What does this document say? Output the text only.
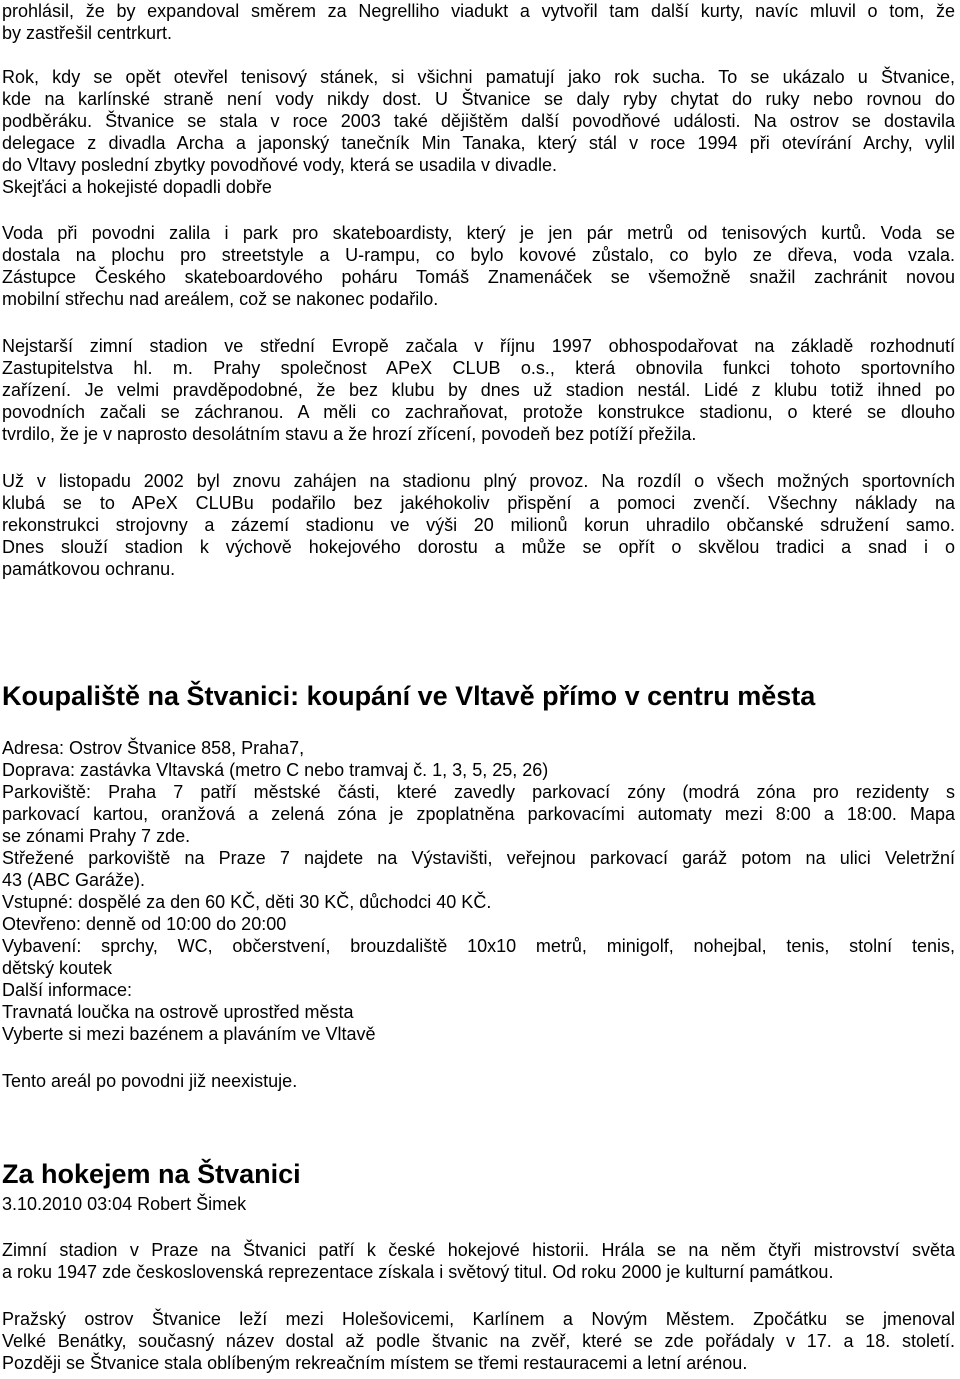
prohlásil, že by expandoval směrem za Negrelliho viadukt a vytvořil tam další kurty, navíc mluvil o tom, že

by zastřešil centrkurt.

Rok, kdy se opět otevřel tenisový stánek, si všichni pamatují jako rok sucha. To se ukázalo u Štvanice,

kde na karlínské straně není vody nikdy dost. U Štvanice se daly ryby chytat do ruky nebo rovnou do

podběráku. Štvanice se stala v roce 2003 také dějištěm další povodňové události. Na ostrov se dostavila

delegace z divadla Archa a japonský tanečník Min Tanaka, který stál v roce 1994 při otevírání Archy, vylil

do Vltavy poslední zbytky povodňové vody, která se usadila v divadle.

Skejťáci a hokejisté dopadli dobře

Voda při povodni zalila i park pro skateboardisty, který je jen pár metrů od tenisových kurtů. Voda se

dostala na plochu pro streetstyle a U-rampu, co bylo kovové zůstalo, co bylo ze dřeva, voda vzala.

Zástupce Českého skateboardového poháru Tomáš Znamenáček se všemožně snažil zachránit novou

mobilní střechu nad areálem, což se nakonec podařilo.

Nejstarší zimní stadion ve střední Evropě začala v říjnu 1997 obhospodařovat na základě rozhodnutí

Zastupitelstva hl. m. Prahy společnost APeX CLUB o.s., která obnovila funkci tohoto sportovního

zařízení. Je velmi pravděpodobné, že bez klubu by dnes už stadion nestál. Lidé z klubu totiž ihned po

povodních začali se záchranou. A měli co zachraňovat, protože konstrukce stadionu, o které se dlouho

tvrdilo, že je v naprosto desolátním stavu a že hrozí zřícení, povodeň bez potíží přežila.

Už v listopadu 2002 byl znovu zahájen na stadionu plný provoz. Na rozdíl o všech možných sportovních

klubá se to APeX CLUBu podařilo bez jakéhokoliv přispění a pomoci zvenčí. Všechny náklady na

rekonstrukci strojovny a zázemí stadionu ve výši 20 milionů korun uhradilo občanské sdružení samo.

Dnes slouží stadion k výchově hokejového dorostu a může se opřít o skvělou tradici a snad i o

památkovou ochranu.

Koupaliště na Štvanici: koupání ve Vltavě přímo v centru města

Adresa: Ostrov Štvanice 858, Praha7,

Doprava: zastávka Vltavská (metro C nebo tramvaj č. 1, 3, 5, 25, 26)

Parkoviště: Praha 7 patří městské části, které zavedly parkovací zóny (modrá zóna pro rezidenty s

parkovací kartou, oranžová a zelená zóna je zpoplatněna parkovacími automaty mezi 8:00 a 18:00. Mapa

se zónami Prahy 7 zde.

Střežené parkoviště na Praze 7 najdete na Výstavišti, veřejnou parkovací garáž potom na ulici Veletržní

43 (ABC Garáže).

Vstupné: dospělé za den 60 KČ, děti 30 KČ, důchodci 40 KČ.

Otevřeno: denně od 10:00 do 20:00

Vybavení: sprchy, WC, občerstvení, brouzdaliště 10x10 metrů, minigolf, nohejbal, tenis, stolní tenis,

dětský koutek

Další informace:

Travnatá loučka na ostrově uprostřed města

Vyberte si mezi bazénem a plaváním ve Vltavě

Tento areál po povodni již neexistuje.

Za hokejem na Štvanici

3.10.2010 03:04 Robert Šimek

Zimní stadion v Praze na Štvanici patří k české hokejové historii. Hrála se na něm čtyři mistrovství světa

a roku 1947 zde československá reprezentace získala i světový titul. Od roku 2000 je kulturní památkou.

Pražský ostrov Štvanice leží mezi Holešovicemi, Karlínem a Novým Městem. Zpočátku se jmenoval

Velké Benátky, současný název dostal až podle štvanic na zvěř, které se zde pořádaly v 17. a 18. století.

Později se Štvanice stala oblíbeným rekreačním místem se třemi restauracemi a letní arénou.
